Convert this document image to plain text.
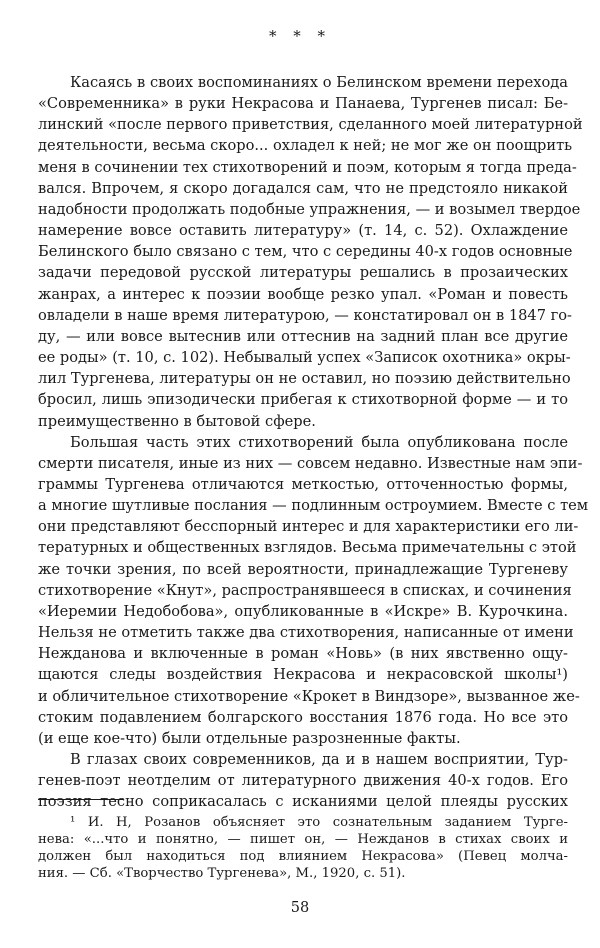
* * *
Касаясь в своих воспоминаниях о Белинском времени перехода
«Современника» в руки Некрасова и Панаева, Тургенев писал: Бе-
линский «после первого приветствия, сделанного моей литературной
деятельности, весьма скоро... охладел к ней; не мог же он поощрить
меня в сочинении тех стихотворений и поэм, которым я тогда преда-
вался. Впрочем, я скоро догадался сам, что не предстояло никакой
надобности продолжать подобные упражнения, — и возымел твердое
намерение вовсе оставить литературу» (т. 14, с. 52). Охлаждение
Белинского было связано с тем, что с середины 40-х годов основные
задачи передовой русской литературы решались в прозаических
жанрах, а интерес к поэзии вообще резко упал. «Роман и повесть
овладели в наше время литературою, — констатировал он в 1847 го-
ду, — или вовсе вытеснив или оттеснив на задний план все другие
ее роды» (т. 10, с. 102). Небывалый успех «Записок охотника» окры-
лил Тургенева, литературы он не оставил, но поэзию действительно
бросил, лишь эпизодически прибегая к стихотворной форме — и то
преимущественно в бытовой сфере.
Большая часть этих стихотворений была опубликована после
смерти писателя, иные из них — совсем недавно. Известные нам эпи-
граммы Тургенева отличаются меткостью, отточенностью формы,
а многие шутливые послания — подлинным остроумием. Вместе с тем
они представляют бесспорный интерес и для характеристики его ли-
тературных и общественных взглядов. Весьма примечательны с этой
же точки зрения, по всей вероятности, принадлежащие Тургеневу
стихотворение «Кнут», распространявшееся в списках, и сочинения
«Иеремии Недобобова», опубликованные в «Искре» В. Курочкина.
Нельзя не отметить также два стихотворения, написанные от имени
Нежданова и включенные в роман «Новь» (в них явственно ощу-
щаются следы воздействия Некрасова и некрасовской школы¹)
и обличительное стихотворение «Крокет в Виндзоре», вызванное же-
стоким подавлением болгарского восстания 1876 года. Но все это
(и еще кое-что) были отдельные разрозненные факты.
В глазах своих современников, да и в нашем восприятии, Тур-
генев-поэт неотделим от литературного движения 40-х годов. Его
поэзия тесно соприкасалась с исканиями целой плеяды русских
¹ И. Н, Розанов объясняет это сознательным заданием Турге-
нева: «...что и понятно, — пишет он, — Нежданов в стихах своих и
должен был находиться под влиянием Некрасова» (Певец молча-
ния. — Сб. «Творчество Тургенева», М., 1920, с. 51).
58
